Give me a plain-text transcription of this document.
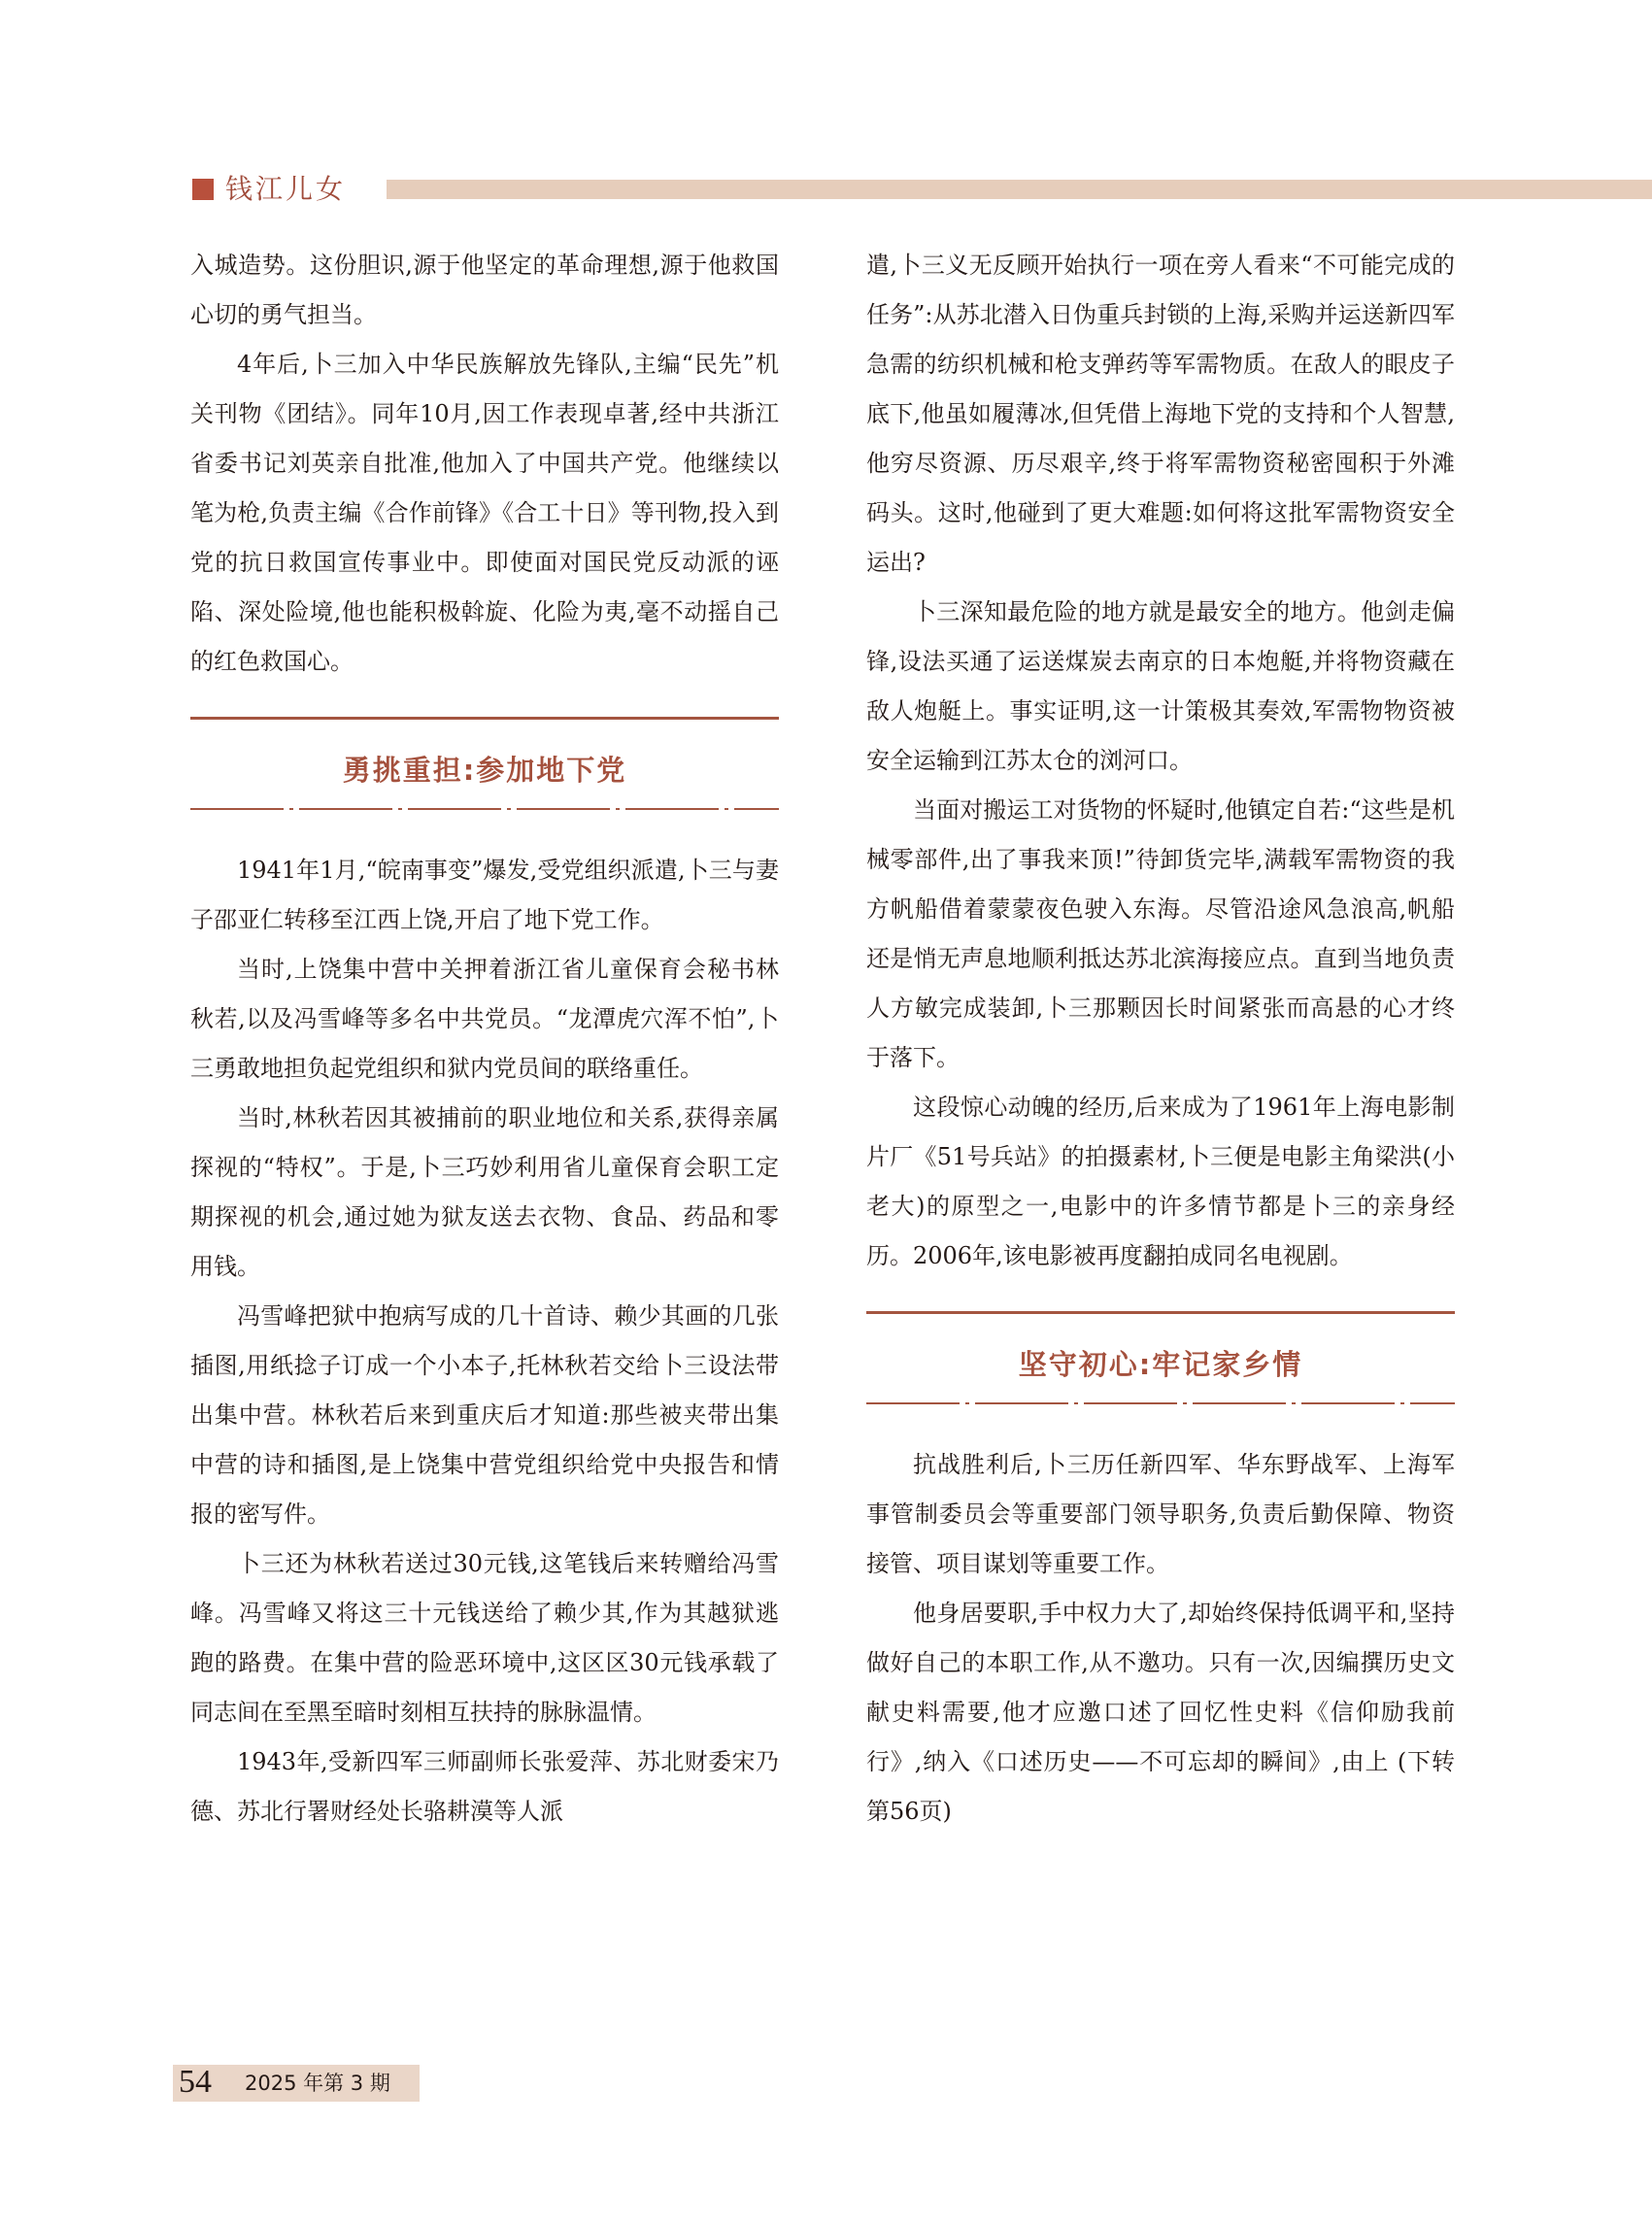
钱江儿女

入城造势。这份胆识,源于他坚定的革命理想,源于他救国心切的勇气担当。

4年后,卜三加入中华民族解放先锋队,主编“民先”机关刊物《团结》。同年10月,因工作表现卓著,经中共浙江省委书记刘英亲自批准,他加入了中国共产党。他继续以笔为枪,负责主编《合作前锋》《合工十日》等刊物,投入到党的抗日救国宣传事业中。即使面对国民党反动派的诬陷、深处险境,他也能积极斡旋、化险为夷,毫不动摇自己的红色救国心。

勇挑重担:参加地下党

1941年1月,“皖南事变”爆发,受党组织派遣,卜三与妻子邵亚仁转移至江西上饶,开启了地下党工作。

当时,上饶集中营中关押着浙江省儿童保育会秘书林秋若,以及冯雪峰等多名中共党员。“龙潭虎穴浑不怕”,卜三勇敢地担负起党组织和狱内党员间的联络重任。

当时,林秋若因其被捕前的职业地位和关系,获得亲属探视的“特权”。于是,卜三巧妙利用省儿童保育会职工定期探视的机会,通过她为狱友送去衣物、食品、药品和零用钱。

冯雪峰把狱中抱病写成的几十首诗、赖少其画的几张插图,用纸捻子订成一个小本子,托林秋若交给卜三设法带出集中营。林秋若后来到重庆后才知道:那些被夹带出集中营的诗和插图,是上饶集中营党组织给党中央报告和情报的密写件。

卜三还为林秋若送过30元钱,这笔钱后来转赠给冯雪峰。冯雪峰又将这三十元钱送给了赖少其,作为其越狱逃跑的路费。在集中营的险恶环境中,这区区30元钱承载了同志间在至黑至暗时刻相互扶持的脉脉温情。

1943年,受新四军三师副师长张爱萍、苏北财委宋乃德、苏北行署财经处长骆耕漠等人派

遣,卜三义无反顾开始执行一项在旁人看来“不可能完成的任务”:从苏北潜入日伪重兵封锁的上海,采购并运送新四军急需的纺织机械和枪支弹药等军需物质。在敌人的眼皮子底下,他虽如履薄冰,但凭借上海地下党的支持和个人智慧,他穷尽资源、历尽艰辛,终于将军需物资秘密囤积于外滩码头。这时,他碰到了更大难题:如何将这批军需物资安全运出?

卜三深知最危险的地方就是最安全的地方。他剑走偏锋,设法买通了运送煤炭去南京的日本炮艇,并将物资藏在敌人炮艇上。事实证明,这一计策极其奏效,军需物物资被安全运输到江苏太仓的浏河口。

当面对搬运工对货物的怀疑时,他镇定自若:“这些是机械零部件,出了事我来顶!”待卸货完毕,满载军需物资的我方帆船借着蒙蒙夜色驶入东海。尽管沿途风急浪高,帆船还是悄无声息地顺利抵达苏北滨海接应点。直到当地负责人方敏完成装卸,卜三那颗因长时间紧张而高悬的心才终于落下。

这段惊心动魄的经历,后来成为了1961年上海电影制片厂《51号兵站》的拍摄素材,卜三便是电影主角梁洪(小老大)的原型之一,电影中的许多情节都是卜三的亲身经历。2006年,该电影被再度翻拍成同名电视剧。

坚守初心:牢记家乡情

抗战胜利后,卜三历任新四军、华东野战军、上海军事管制委员会等重要部门领导职务,负责后勤保障、物资接管、项目谋划等重要工作。

他身居要职,手中权力大了,却始终保持低调平和,坚持做好自己的本职工作,从不邀功。只有一次,因编撰历史文献史料需要,他才应邀口述了回忆性史料《信仰励我前行》,纳入《口述历史——不可忘却的瞬间》,由上 (下转第56页)

54 2025 年第 3 期
